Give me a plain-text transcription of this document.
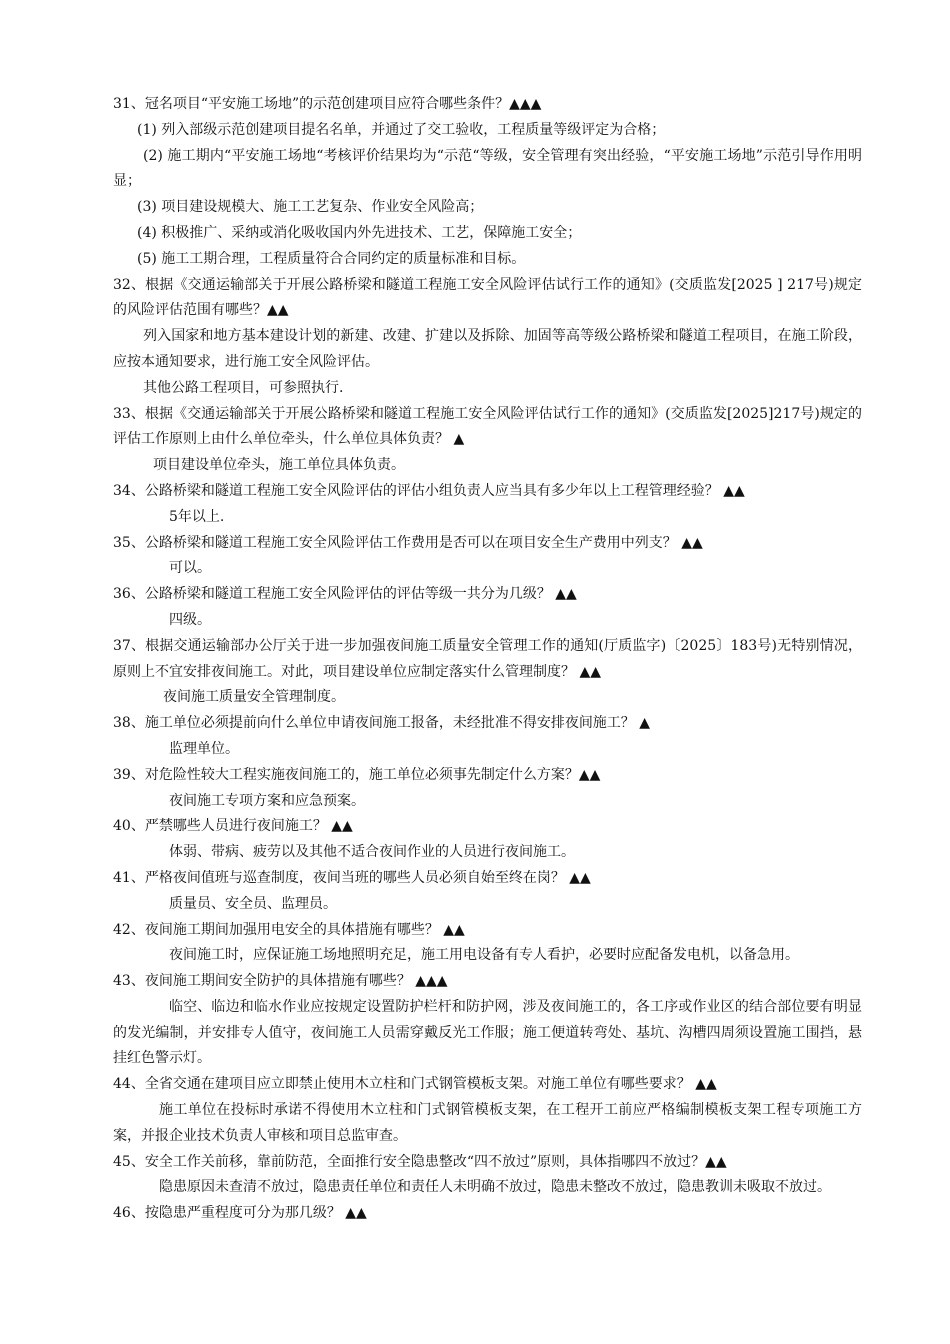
31、冠名项目“平安施工场地”的示范创建项目应符合哪些条件？▲▲▲
(1) 列入部级示范创建项目提名名单，并通过了交工验收，工程质量等级评定为合格；
(2) 施工期内“平安施工场地“考核评价结果均为“示范“等级，安全管理有突出经验，“平安施工场地”示范引导作用明显；
(3) 项目建设规模大、施工工艺复杂、作业安全风险高；
(4) 积极推广、采纳或消化吸收国内外先进技术、工艺，保障施工安全；
(5) 施工工期合理，工程质量符合合同约定的质量标准和目标。
32、根据《交通运输部关于开展公路桥梁和隧道工程施工安全风险评估试行工作的通知》(交质监发[2025 ] 217号)规定的风险评估范围有哪些？▲▲
列入国家和地方基本建设计划的新建、改建、扩建以及拆除、加固等高等级公路桥梁和隧道工程项目，在施工阶段，应按本通知要求，进行施工安全风险评估。
其他公路工程项目，可参照执行.
33、根据《交通运输部关于开展公路桥梁和隧道工程施工安全风险评估试行工作的通知》(交质监发[2025]217号)规定的评估工作原则上由什么单位牵头，什么单位具体负责？ ▲
项目建设单位牵头，施工单位具体负责。
34、公路桥梁和隧道工程施工安全风险评估的评估小组负责人应当具有多少年以上工程管理经验？ ▲▲
5年以上.
35、公路桥梁和隧道工程施工安全风险评估工作费用是否可以在项目安全生产费用中列支？ ▲▲
可以。
36、公路桥梁和隧道工程施工安全风险评估的评估等级一共分为几级？ ▲▲
四级。
37、根据交通运输部办公厅关于进一步加强夜间施工质量安全管理工作的通知(厅质监字)〔2025〕183号)无特别情况，原则上不宜安排夜间施工。对此，项目建设单位应制定落实什么管理制度？ ▲▲
夜间施工质量安全管理制度。
38、施工单位必须提前向什么单位申请夜间施工报备，未经批准不得安排夜间施工？ ▲
监理单位。
39、对危险性较大工程实施夜间施工的，施工单位必须事先制定什么方案？▲▲
夜间施工专项方案和应急预案。
40、严禁哪些人员进行夜间施工？ ▲▲
体弱、带病、疲劳以及其他不适合夜间作业的人员进行夜间施工。
41、严格夜间值班与巡查制度，夜间当班的哪些人员必须自始至终在岗？ ▲▲
质量员、安全员、监理员。
42、夜间施工期间加强用电安全的具体措施有哪些？ ▲▲
夜间施工时，应保证施工场地照明充足，施工用电设备有专人看护，必要时应配备发电机，以备急用。
43、夜间施工期间安全防护的具体措施有哪些？ ▲▲▲
临空、临边和临水作业应按规定设置防护栏杆和防护网，涉及夜间施工的，各工序或作业区的结合部位要有明显的发光编制，并安排专人值守，夜间施工人员需穿戴反光工作服；施工便道转弯处、基坑、沟槽四周须设置施工围挡，悬挂红色警示灯。
44、全省交通在建项目应立即禁止使用木立柱和门式钢管模板支架。对施工单位有哪些要求？ ▲▲
施工单位在投标时承诺不得使用木立柱和门式钢管模板支架，在工程开工前应严格编制模板支架工程专项施工方案，并报企业技术负责人审核和项目总监审查。
45、安全工作关前移，靠前防范，全面推行安全隐患整改“四不放过”原则，具体指哪四不放过？▲▲
隐患原因未查清不放过，隐患责任单位和责任人未明确不放过，隐患未整改不放过，隐患教训未吸取不放过。
46、按隐患严重程度可分为那几级？ ▲▲
